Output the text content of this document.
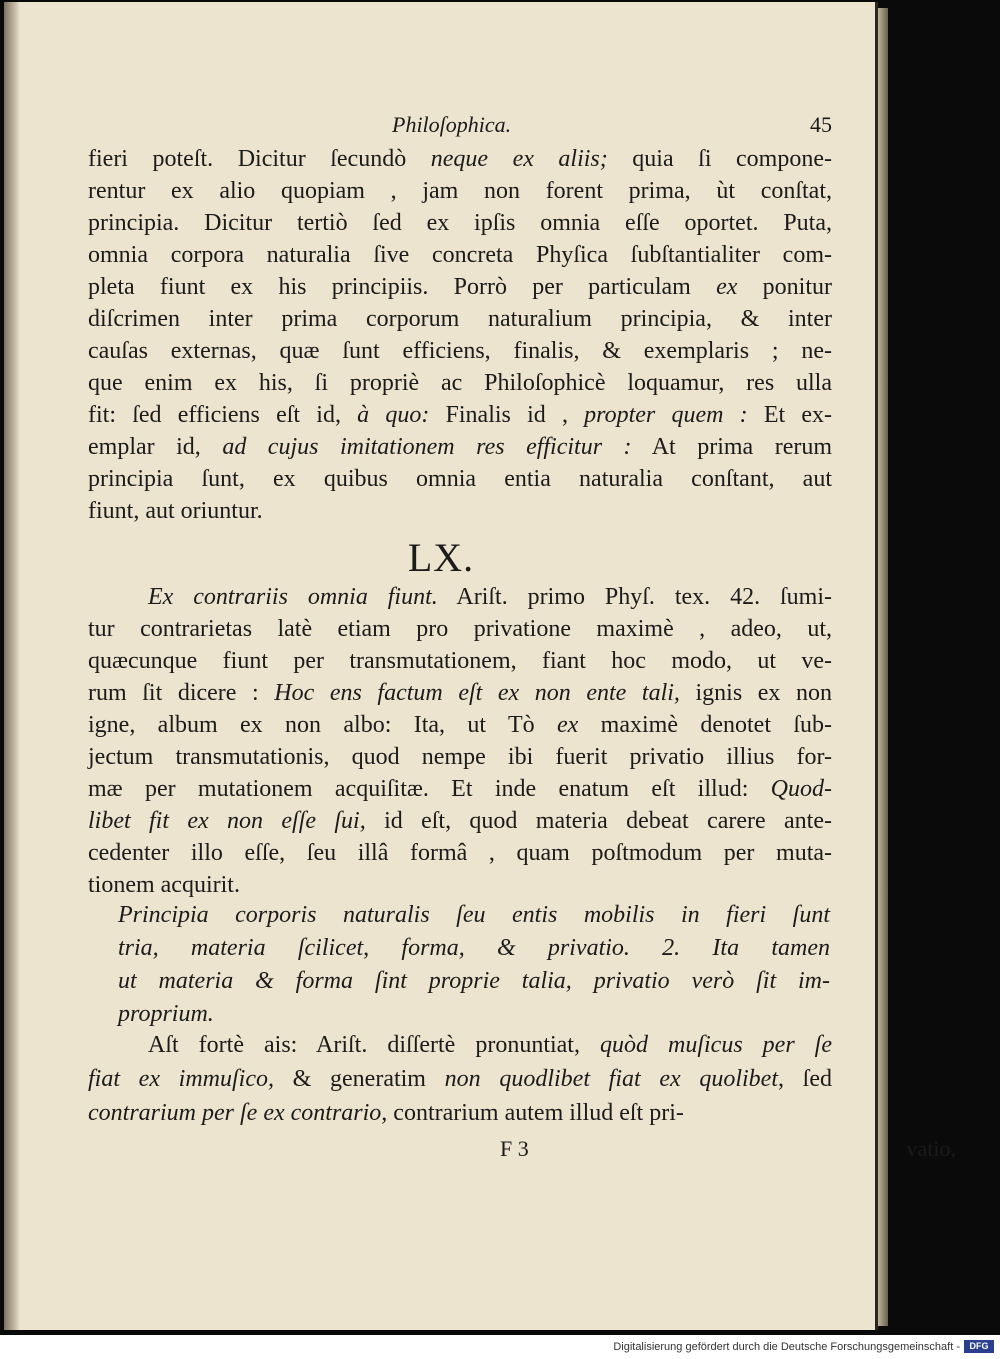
Philoſophica.	45
fieri poteſt. Dicitur ſecundò neque ex aliis; quia ſi compone-
rentur ex alio quopiam , jam non forent prima, ùt conſtat,
principia. Dicitur tertiò ſed ex ipſis omnia eſſe oportet. Puta,
omnia corpora naturalia ſive concreta Phyſica ſubſtantialiter com-
pleta fiunt ex his principiis. Porrò per particulam ex ponitur
diſcrimen inter prima corporum naturalium principia, & inter
cauſas externas, quæ ſunt efficiens, finalis, & exemplaris ; ne-
que enim ex his, ſi propriè ac Philoſophicè loquamur, res ulla
fit: ſed efficiens eſt id, à quo: Finalis id , propter quem : Et ex-
emplar id, ad cujus imitationem res efficitur : At prima rerum
principia ſunt, ex quibus omnia entia naturalia conſtant, aut
fiunt, aut oriuntur.
Ex contrariis omnia fiunt. Ariſt. primo Phyſ. tex. 42. ſumi-
tur contrarietas latè etiam pro privatione maximè , adeo, ut,
quæcunque fiunt per transmutationem, fiant hoc modo, ut ve-
rum ſit dicere : Hoc ens factum eſt ex non ente tali, ignis ex non
igne, album ex non albo: Ita, ut Tò ex maximè denotet ſub-
jectum transmutationis, quod nempe ibi fuerit privatio illius for-
mæ per mutationem acquiſitæ. Et inde enatum eſt illud: Quod-
libet fit ex non eſſe ſui, id eſt, quod materia debeat carere ante-
cedenter illo eſſe, ſeu illâ formâ , quam poſtmodum per muta-
tionem acquirit.
Principia corporis naturalis ſeu entis mobilis in fieri ſunt
tria, materia ſcilicet, forma, & privatio. 2. Ita tamen
ut materia & forma ſint proprie talia, privatio verò ſit im-
proprium.
Aſt fortè ais: Ariſt. diſſertè pronuntiat, quòd muſicus per ſe
fiat ex immuſico, & generatim non quodlibet fiat ex quolibet, ſed
contrarium per ſe ex contrario, contrarium autem illud eſt pri-
LX.
F 3	vatio,
Digitalisierung gefördert durch die Deutsche Forschungsgemeinschaft -	DFG
